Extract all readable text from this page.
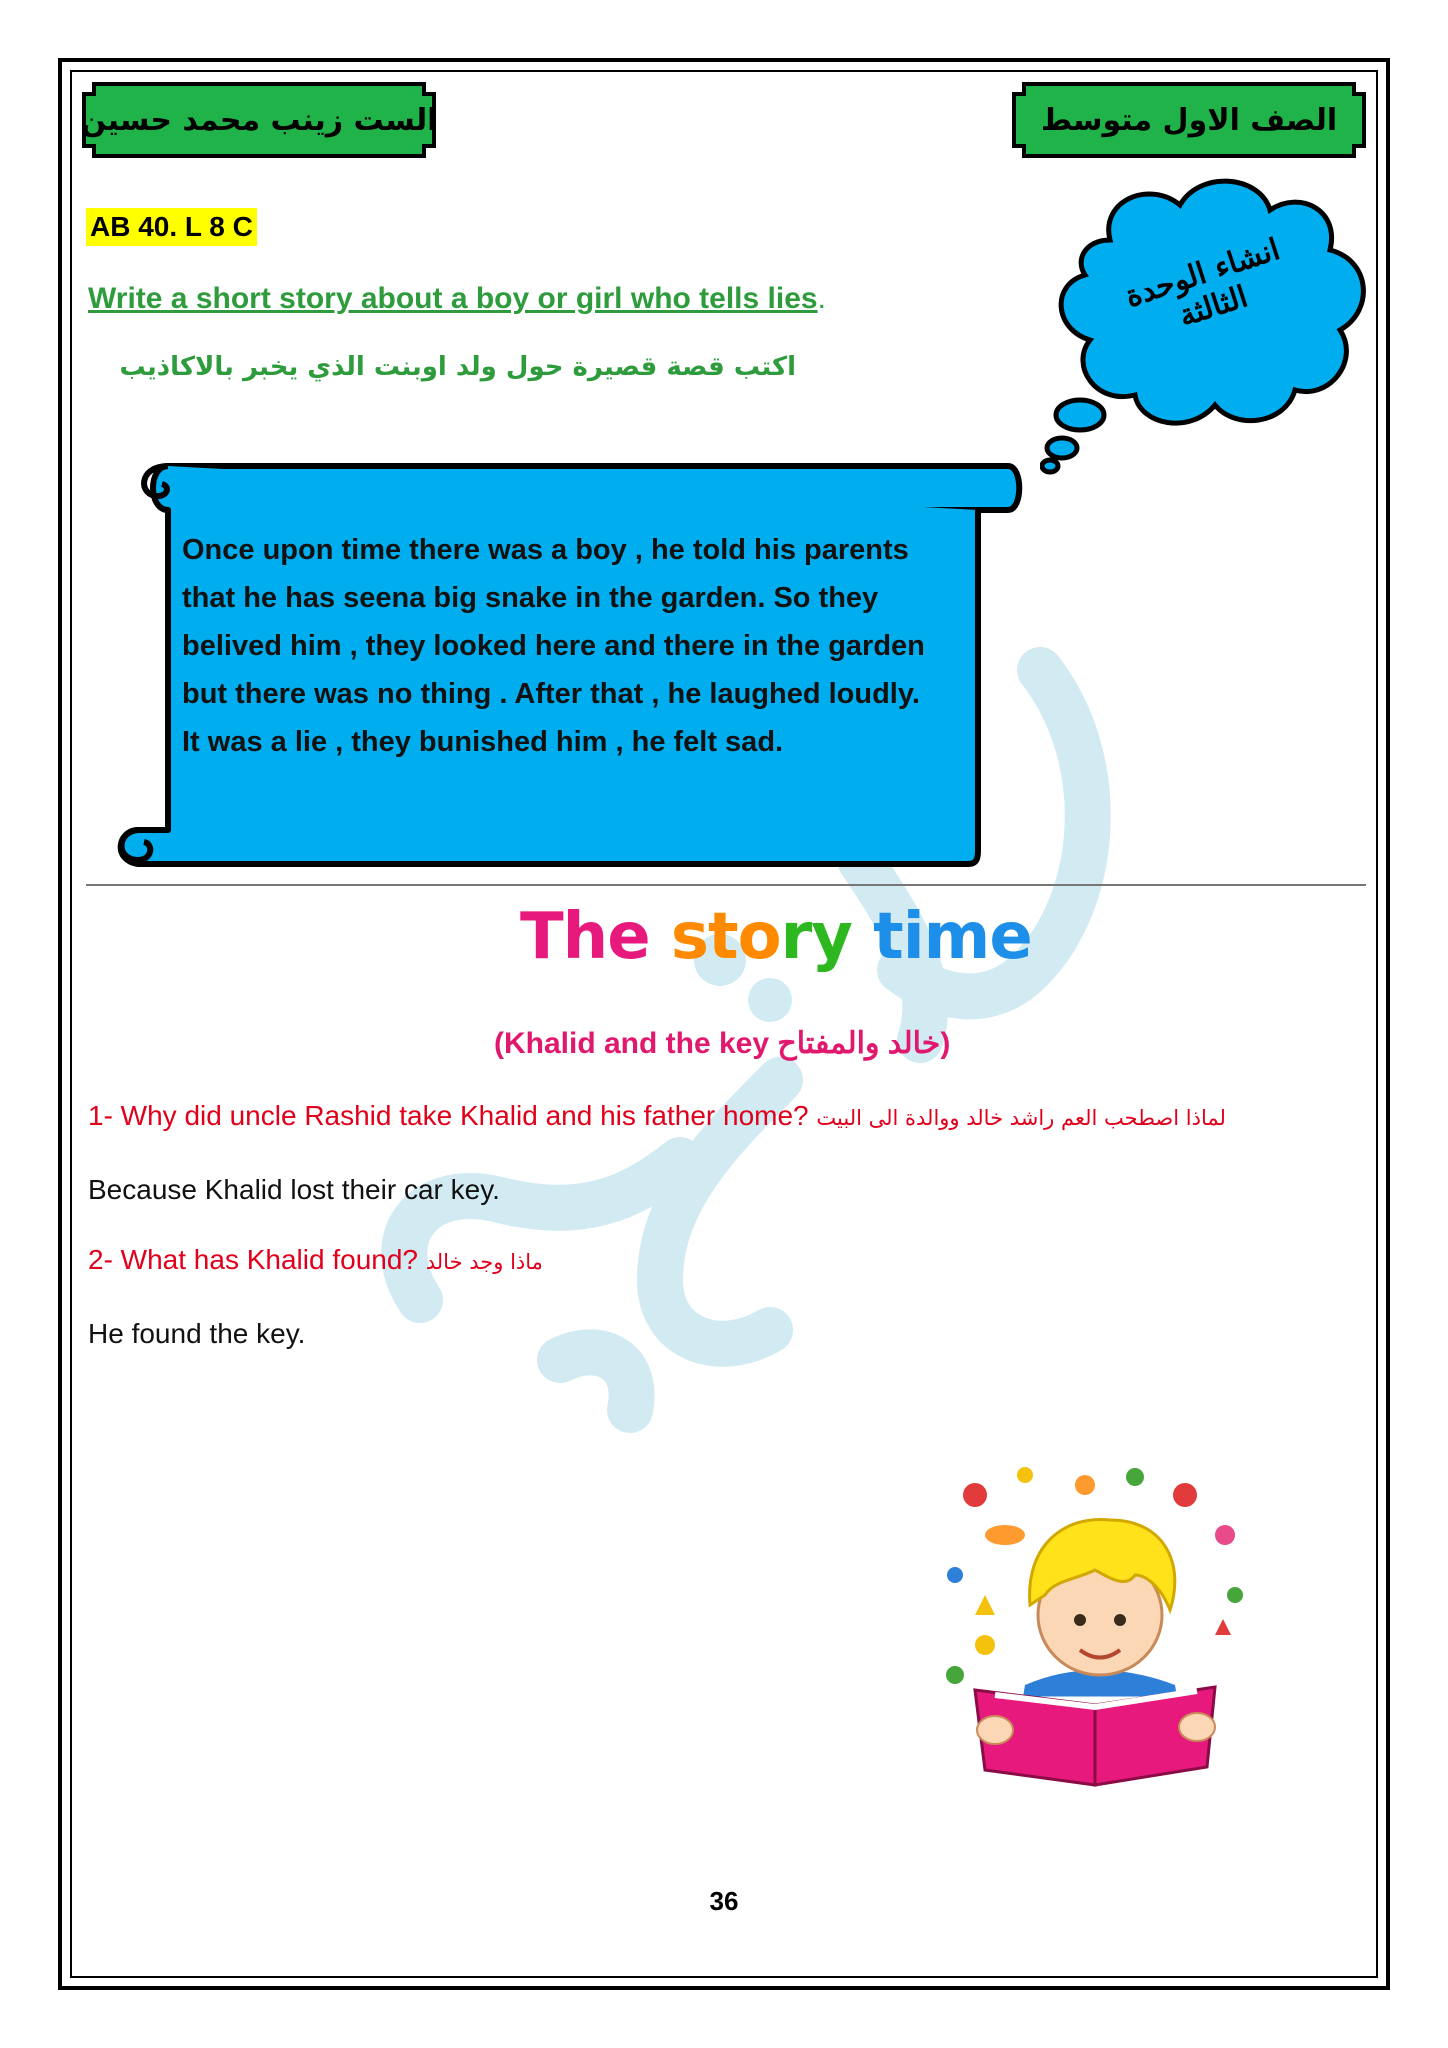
الست زينب محمد حسين	الصف الاول متوسط
AB 40. L 8 C
Write a short story about a boy or girl who tells lies.
اكتب قصة قصيرة حول ولد اوبنت الذي يخبر بالاكاذيب
انشاء الوحدة الثالثة
Once upon time there was a boy , he told his parents
that he has seena big snake in the garden. So they
belived him , they looked here and there in the garden
but there was no thing . After that , he laughed loudly.
It was a lie , they bunished him , he felt sad.
The story time
(Khalid and the key خالد والمفتاح)
1- Why did uncle Rashid take Khalid and his father home? لماذا اصطحب العم راشد خالد ووالدة الى البيت
Because Khalid lost their car key.
2- What has Khalid found? ماذا وجد خالد
He found the key.
36
